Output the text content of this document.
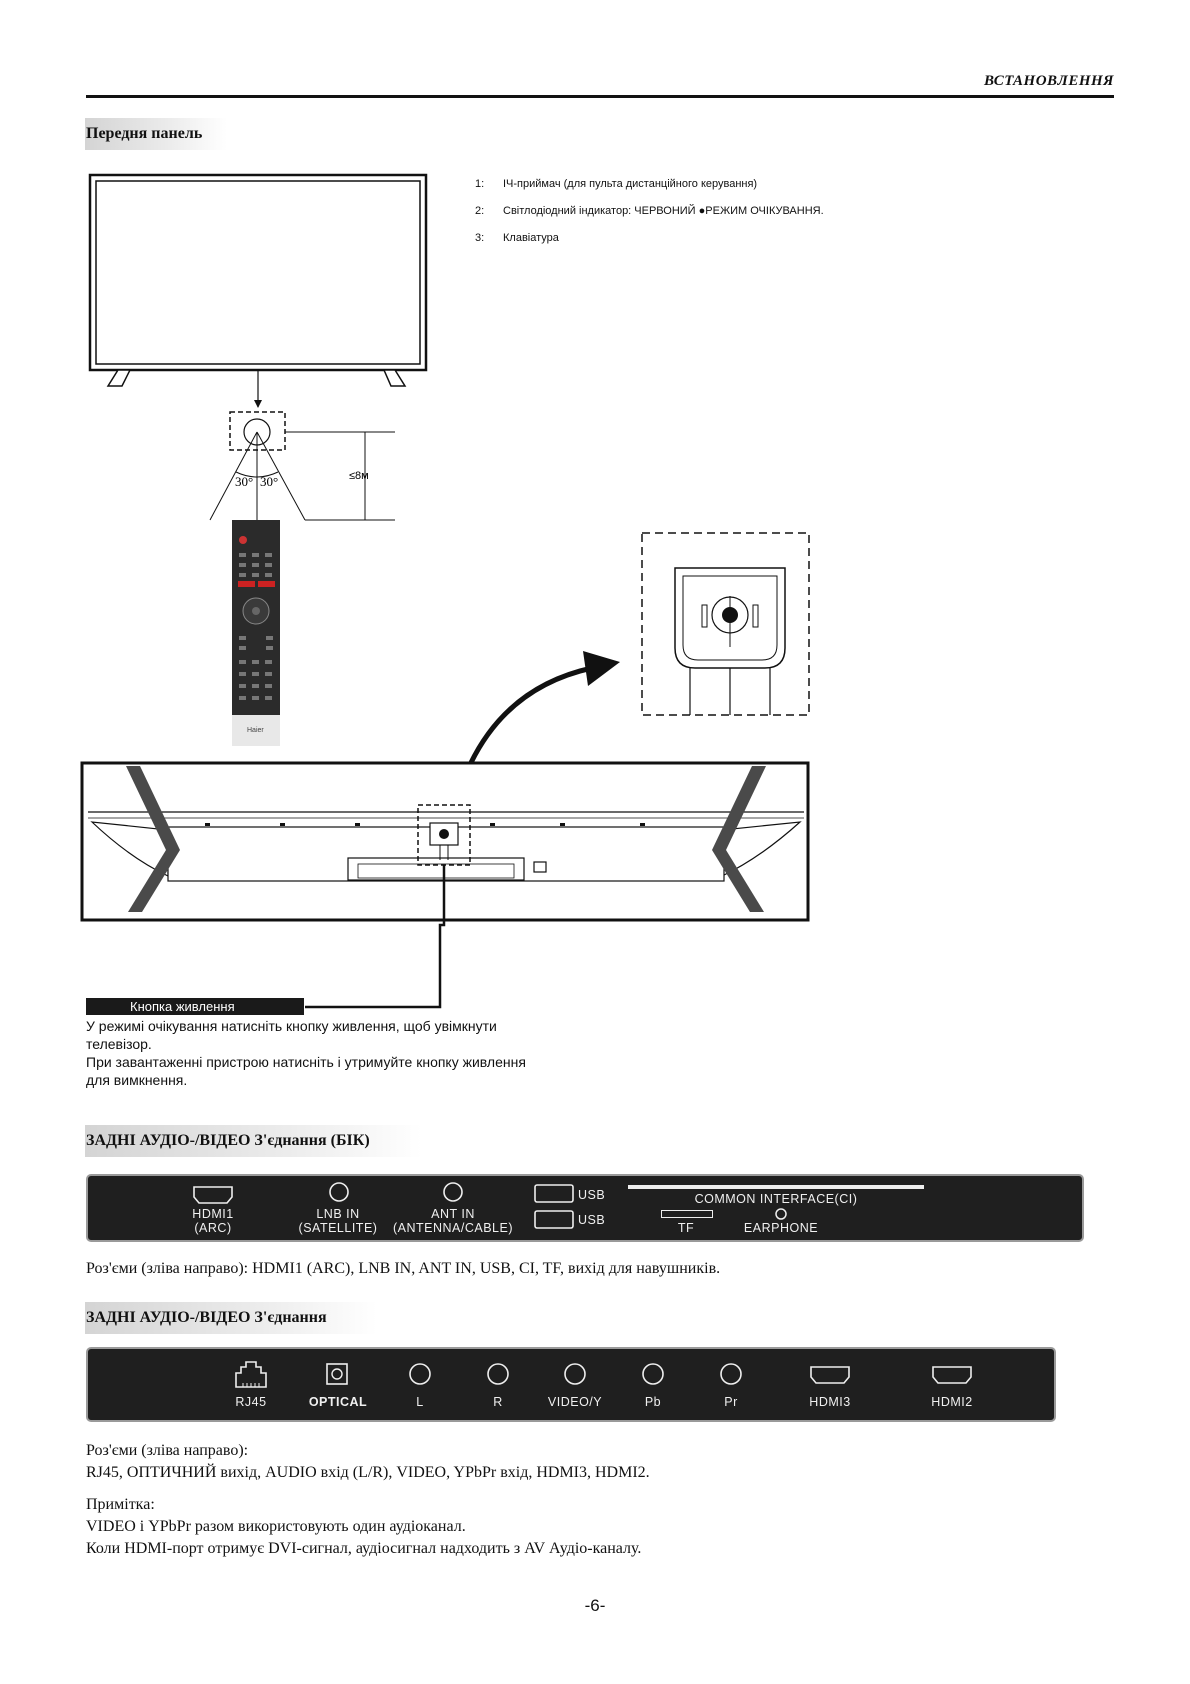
ВСТАНОВЛЕННЯ
Передня панель
1:	ІЧ-приймач (для пульта дистанційного керування)
2:	Світлодіодний індикатор: ЧЕРВОНИЙ ●РЕЖИМ ОЧІКУВАННЯ.
3:	Клавіатура
30° 30°	≤8м
Haier
Кнопка живлення
У режимі очікування натисніть кнопку живлення, щоб увімкнути
телевізор.
При завантаженні пристрою натисніть і утримуйте кнопку живлення
для вимкнення.
ЗАДНІ АУДІО-/ВІДЕО З'єднання (БІК)
HDMI1
(ARC)
LNB IN
(SATELLITE)
ANT IN
(ANTENNA/CABLE)
USB
USB
COMMON INTERFACE(CI)
TF	EARPHONE
Роз'єми (зліва направо): HDMI1 (ARC), LNB IN, ANT IN, USB, CI, TF, вихід для навушників.
ЗАДНІ АУДІО-/ВІДЕО З'єднання
RJ45	OPTICAL	L	R	VIDEO/Y	Pb	Pr	HDMI3	HDMI2
Роз'єми (зліва направо):
RJ45, ОПТИЧНИЙ вихід, AUDIO вхід (L/R), VIDEO, YPbPr вхід, HDMI3, HDMI2.
Примітка:
VIDEO і YPbPr разом використовують один аудіоканал.
Коли HDMI-порт отримує DVI-сигнал, аудіосигнал надходить з AV Аудіо-каналу.
-6-
